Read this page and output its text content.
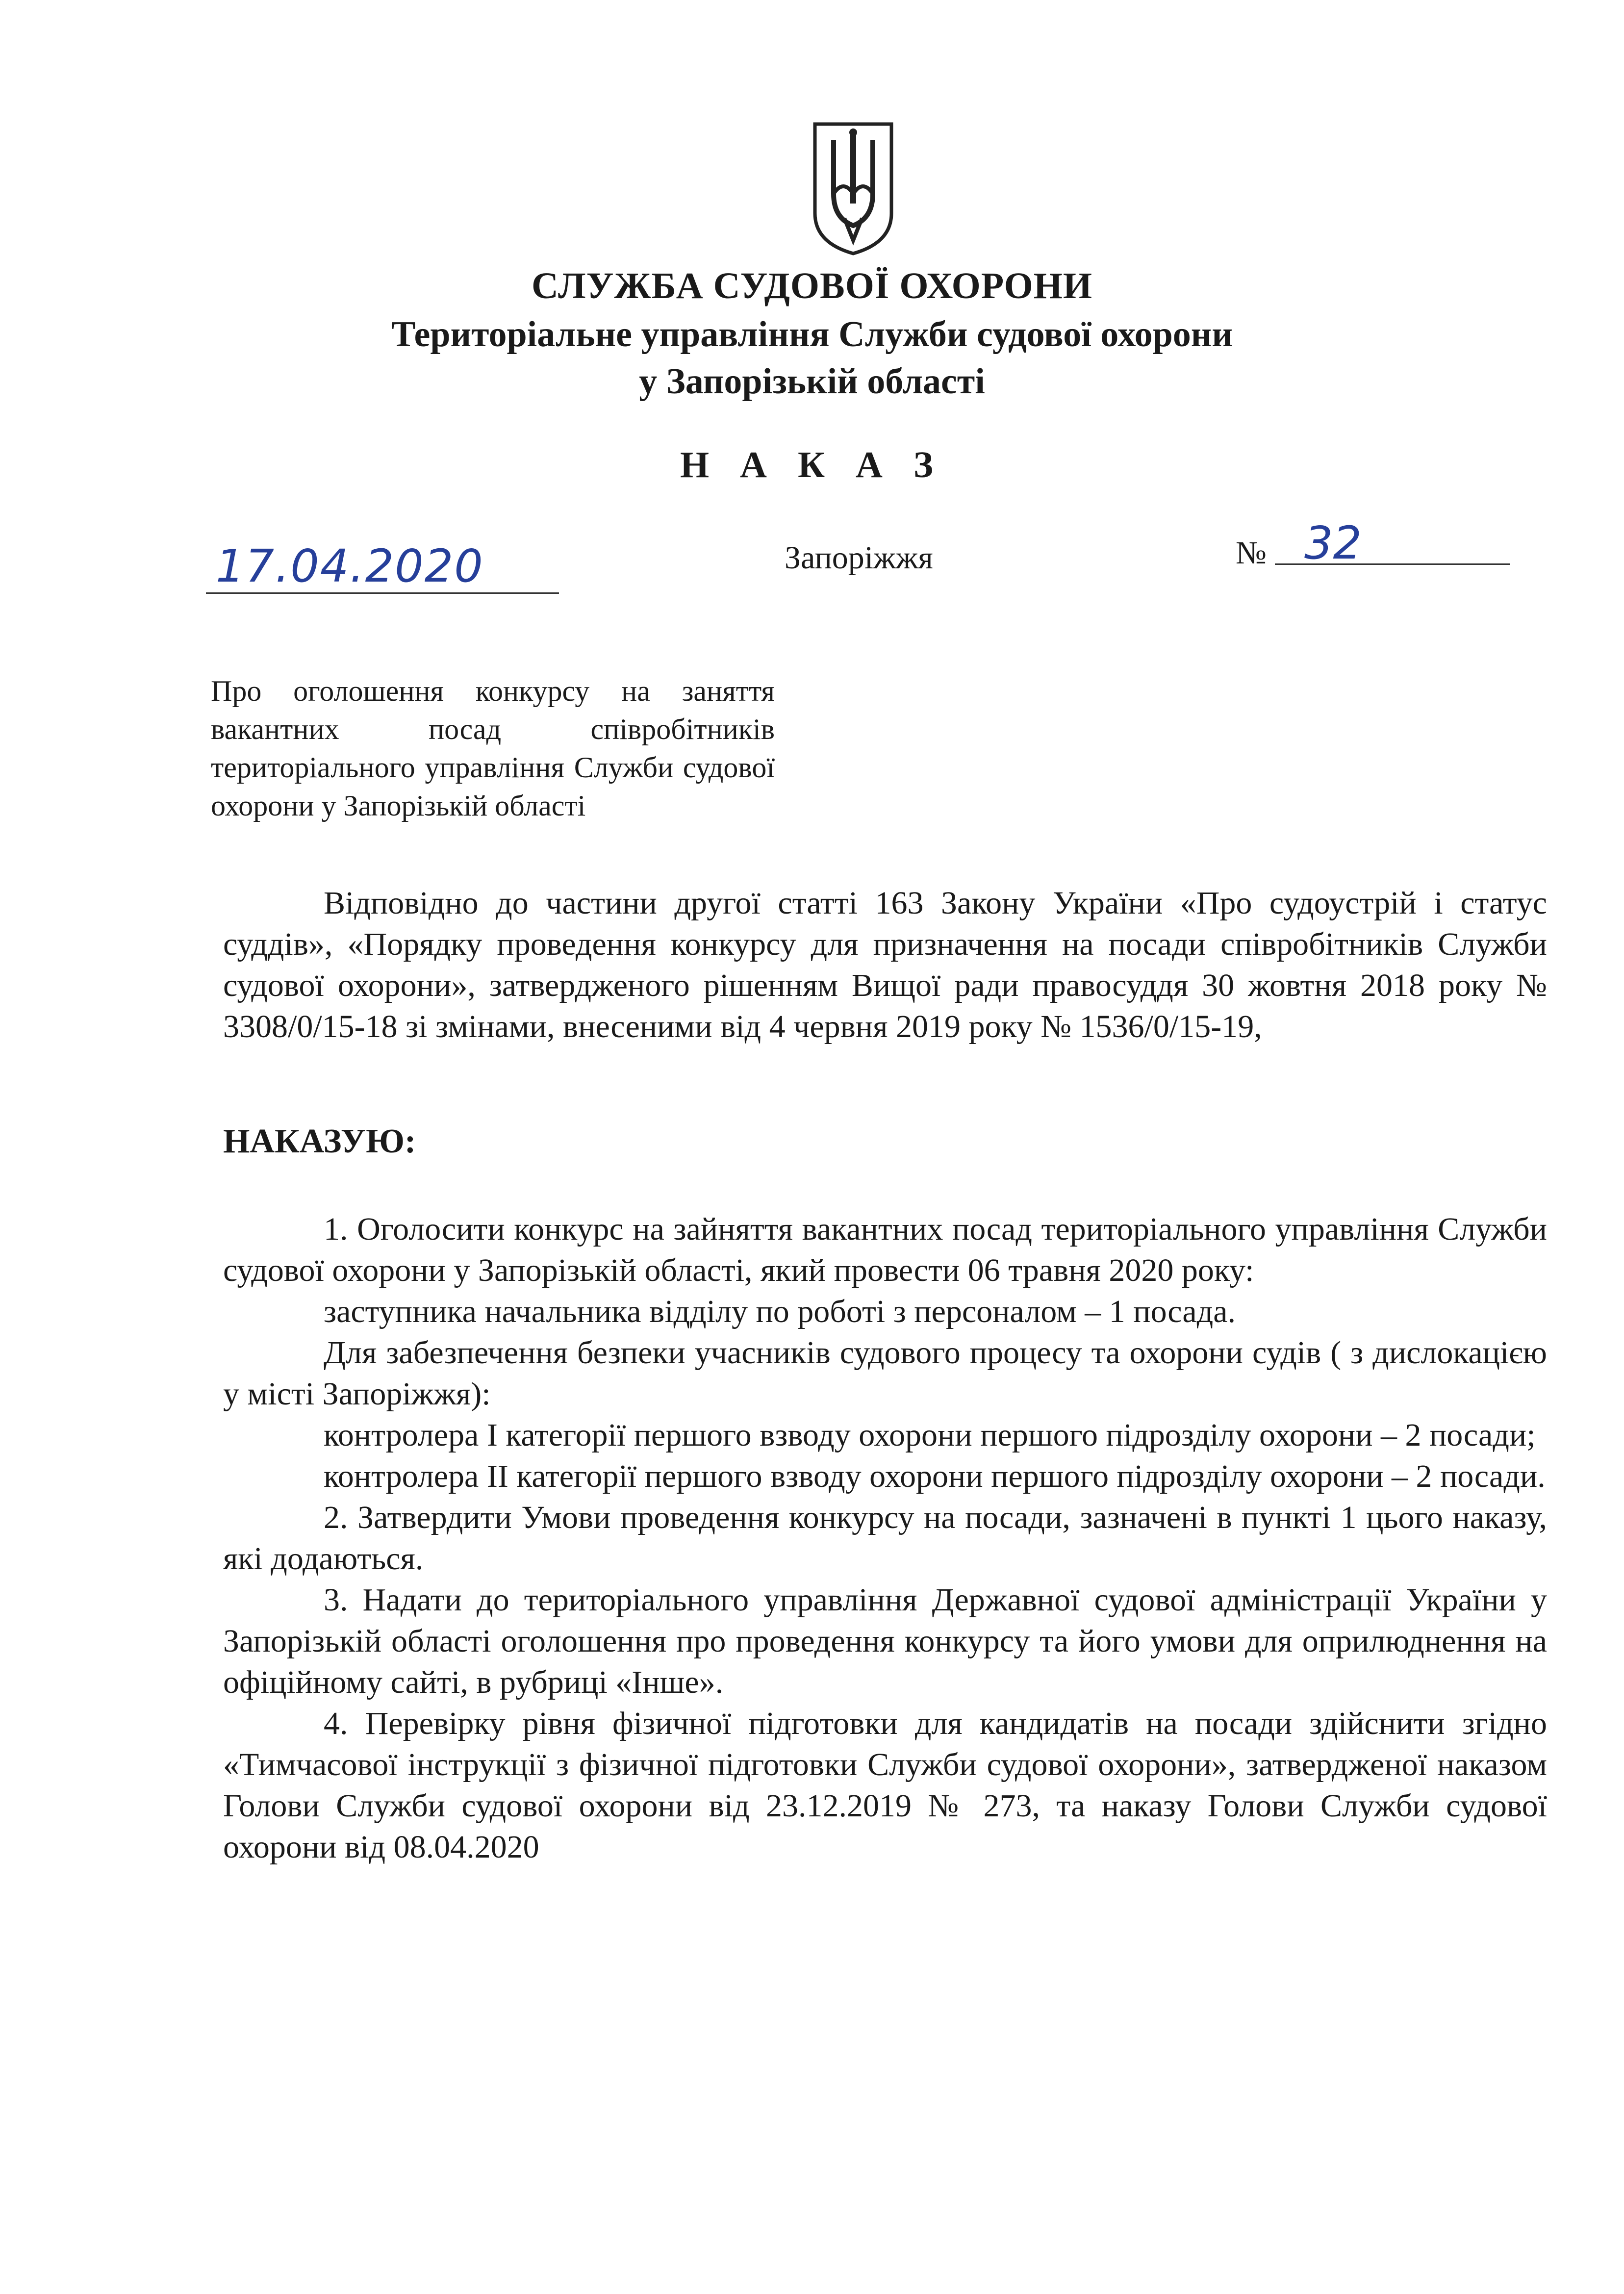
СЛУЖБА СУДОВОЇ ОХОРОНИ
Територіальне управління Служби судової охорони
у Запорізькій області
Н А К А З
17.04.2020	Запоріжжя	№ 32
Про оголошення конкурсу на заняття вакантних посад співробітників територіального управління Служби судової охорони у Запорізькій області

Відповідно до частини другої статті 163 Закону України «Про судоустрій і статус суддів», «Порядку проведення конкурсу для призначення на посади співробітників Служби судової охорони», затвердженого рішенням Вищої ради правосуддя 30 жовтня 2018 року № 3308/0/15-18 зі змінами, внесеними від 4 червня 2019 року № 1536/0/15-19,

НАКАЗУЮ:

1. Оголосити конкурс на зайняття вакантних посад територіального управління Служби судової охорони у Запорізькій області, який провести 06 травня 2020 року:

заступника начальника відділу по роботі з персоналом – 1 посада.

Для забезпечення безпеки учасників судового процесу та охорони судів ( з дислокацією у місті Запоріжжя):

контролера I категорії першого взводу охорони першого підрозділу охорони – 2 посади;

контролера II категорії першого взводу охорони першого підрозділу охорони – 2 посади.

2. Затвердити Умови проведення конкурсу на посади, зазначені в пункті 1 цього наказу, які додаються.

3. Надати до територіального управління Державної судової адміністрації України у Запорізькій області оголошення про проведення конкурсу та його умови для оприлюднення на офіційному сайті, в рубриці «Інше».

4. Перевірку рівня фізичної підготовки для кандидатів на посади здійснити згідно «Тимчасової інструкції з фізичної підготовки Служби судової охорони», затвердженої наказом Голови Служби судової охорони від 23.12.2019 № 273, та наказу Голови Служби судової охорони від 08.04.2020
